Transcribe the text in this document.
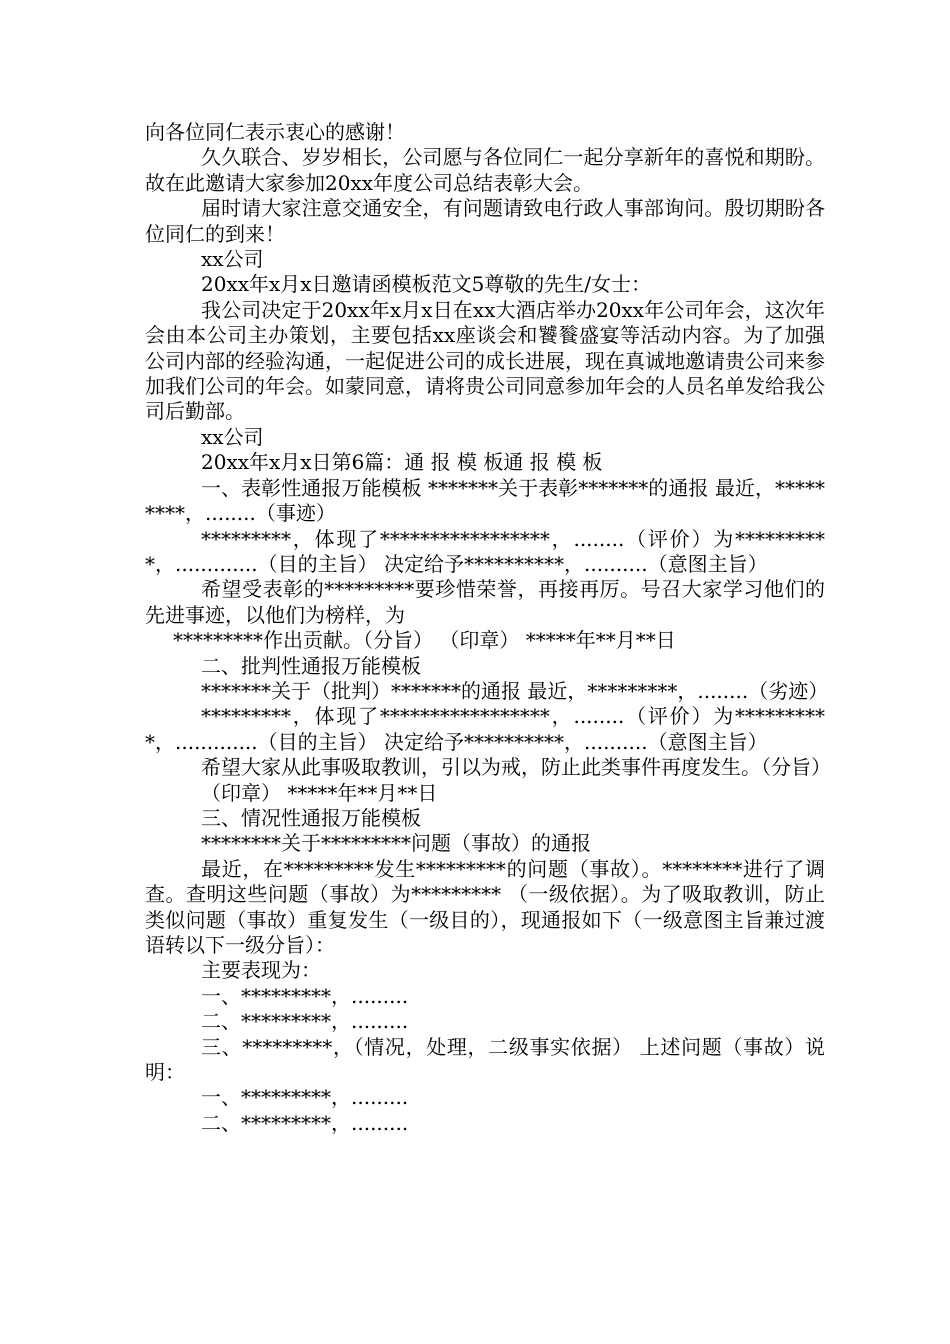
向各位同仁表示衷心的感谢！

久久联合、岁岁相长，公司愿与各位同仁一起分享新年的喜悦和期盼。故在此邀请大家参加20xx年度公司总结表彰大会。

届时请大家注意交通安全，有问题请致电行政人事部询问。殷切期盼各位同仁的到来！

xx公司

20xx年x月x日邀请函模板范文5尊敬的先生/女士：

我公司决定于20xx年x月x日在xx大酒店举办20xx年公司年会，这次年会由本公司主办策划，主要包括xx座谈会和饕餮盛宴等活动内容。为了加强公司内部的经验沟通，一起促进公司的成长进展，现在真诚地邀请贵公司来参加我们公司的年会。如蒙同意，请将贵公司同意参加年会的人员名单发给我公司后勤部。

xx公司

20xx年x月x日第6篇：通 报 模 板通 报 模 板

一、表彰性通报万能模板 *******关于表彰*******的通报 最近，*********，........（事迹）

*********，体现了*****************，........（评价）为**********，.............（目的主旨） 决定给予**********，..........（意图主旨）

希望受表彰的*********要珍惜荣誉，再接再厉。号召大家学习他们的先进事迹，以他们为榜样，为

*********作出贡献。（分旨） （印章） *****年**月**日

二、批判性通报万能模板

*******关于（批判）*******的通报 最近，*********，........（劣迹）

*********，体现了*****************，........（评价）为**********，.............（目的主旨） 决定给予**********，..........（意图主旨）

希望大家从此事吸取教训，引以为戒，防止此类事件再度发生。（分旨）

（印章） *****年**月**日

三、情况性通报万能模板

********关于*********问题（事故）的通报

最近，在*********发生*********的问题（事故）。********进行了调查。查明这些问题（事故）为********* （一级依据）。为了吸取教训，防止类似问题（事故）重复发生（一级目的），现通报如下（一级意图主旨兼过渡语转以下一级分旨）：

主要表现为：

一、*********，.........

二、*********，.........

三、*********，（情况，处理，二级事实依据） 上述问题（事故）说明：

一、*********，.........

二、*********，.........
